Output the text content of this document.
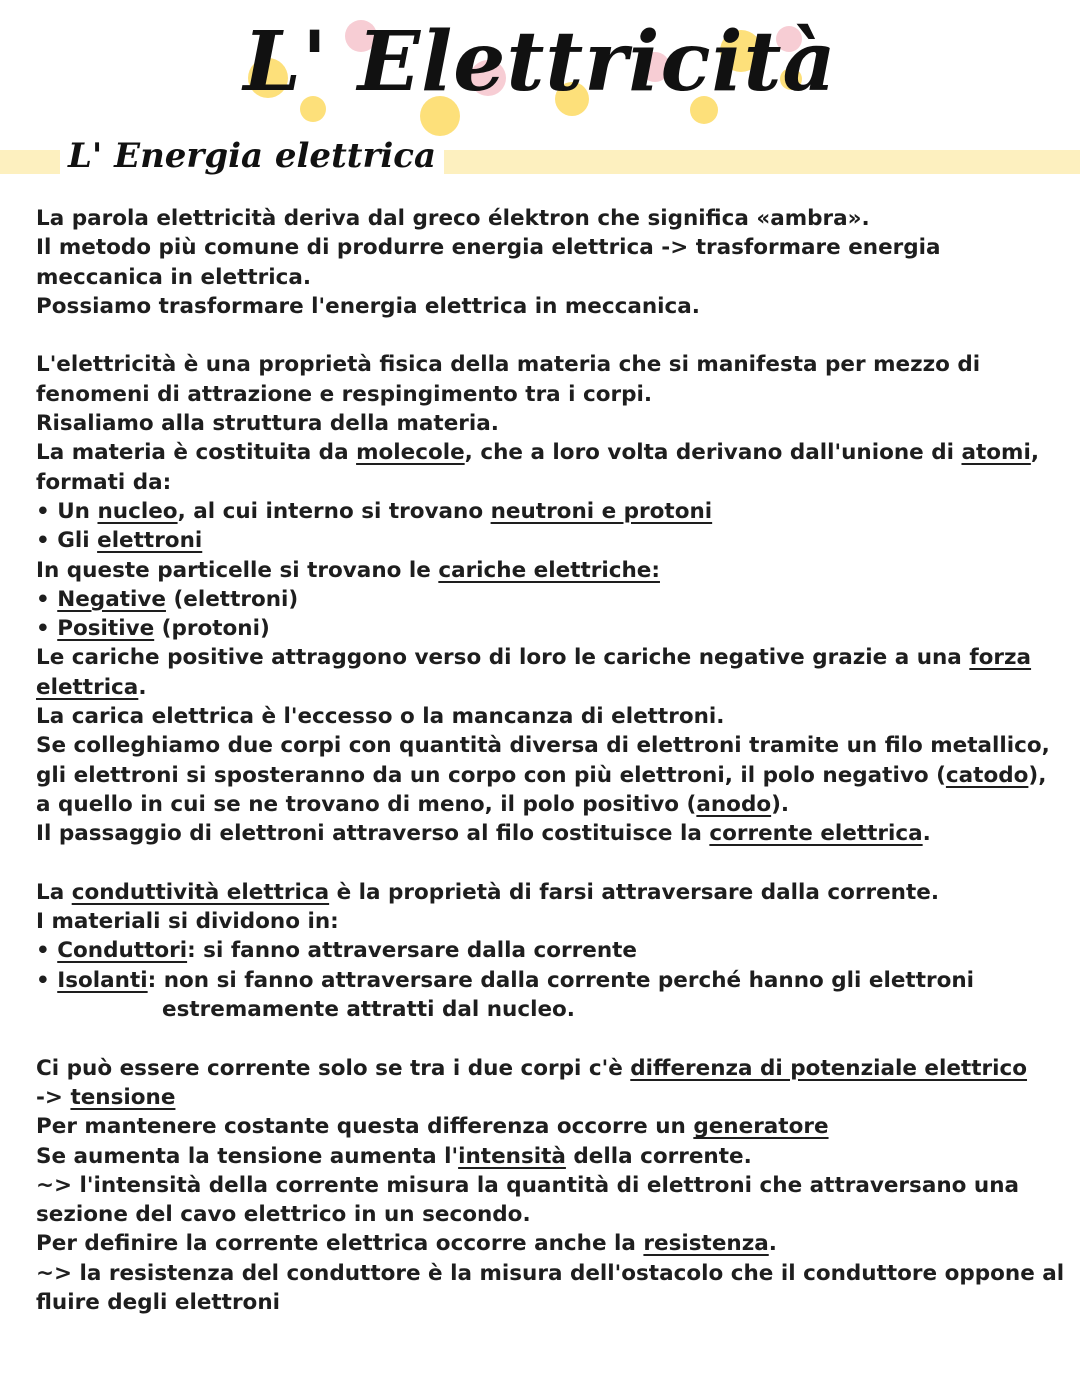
L' Elettricità
L' Energia elettrica
La parola elettricità deriva dal greco élektron che significa «ambra».
Il metodo più comune di produrre energia elettrica -> trasformare energia
meccanica in elettrica.
Possiamo trasformare l'energia elettrica in meccanica.
L'elettricità è una proprietà fisica della materia che si manifesta per mezzo di
fenomeni di attrazione e respingimento tra i corpi.
Risaliamo alla struttura della materia.
La materia è costituita da molecole, che a loro volta derivano dall'unione di atomi,
formati da:
• Un nucleo, al cui interno si trovano neutroni e protoni
• Gli elettroni
In queste particelle si trovano le cariche elettriche:
• Negative (elettroni)
• Positive (protoni)
Le cariche positive attraggono verso di loro le cariche negative grazie a una forza
elettrica.
La carica elettrica è l'eccesso o la mancanza di elettroni.
Se colleghiamo due corpi con quantità diversa di elettroni tramite un filo metallico,
gli elettroni si sposteranno da un corpo con più elettroni, il polo negativo (catodo),
a quello in cui se ne trovano di meno, il polo positivo (anodo).
Il passaggio di elettroni attraverso al filo costituisce la corrente elettrica.
La conduttività elettrica è la proprietà di farsi attraversare dalla corrente.
I materiali si dividono in:
• Conduttori: si fanno attraversare dalla corrente
• Isolanti: non si fanno attraversare dalla corrente perché hanno gli elettroni
estremamente attratti dal nucleo.
Ci può essere corrente solo se tra i due corpi c'è differenza di potenziale elettrico
-> tensione
Per mantenere costante questa differenza occorre un generatore
Se aumenta la tensione aumenta l'intensità della corrente.
~> l'intensità della corrente misura la quantità di elettroni che attraversano una
sezione del cavo elettrico in un secondo.
Per definire la corrente elettrica occorre anche la resistenza.
~> la resistenza del conduttore è la misura dell'ostacolo che il conduttore oppone al
fluire degli elettroni
